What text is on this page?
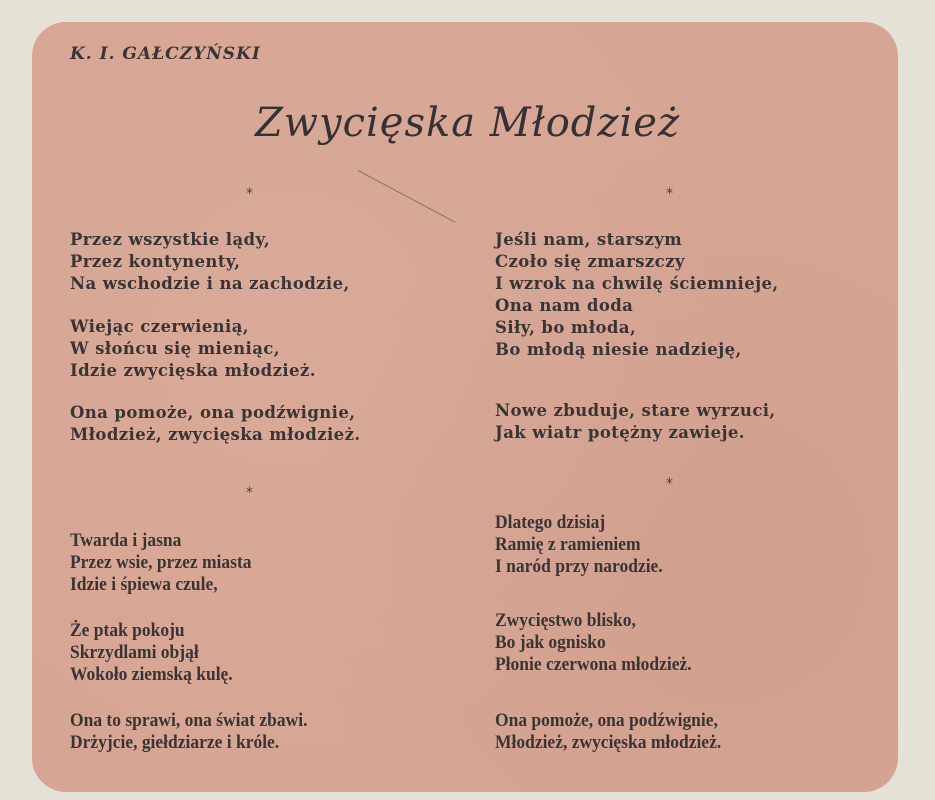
K. I. GAŁCZYŃSKI
Zwycięska Młodzież
*	*
*
*
Przez wszystkie lądy,
Przez kontynenty,
Na wschodzie i na zachodzie,
Wiejąc czerwienią,
W słońcu się mieniąc,
Idzie zwycięska młodzież.
Ona pomoże, ona podźwignie,
Młodzież, zwycięska młodzież.
Twarda i jasna
Przez wsie, przez miasta
Idzie i śpiewa czule,
Że ptak pokoju
Skrzydlami objął
Wokoło ziemską kulę.
Ona to sprawi, ona świat zbawi.
Drżyjcie, giełdziarze i króle.
Jeśli nam, starszym
Czoło się zmarszczy
I wzrok na chwilę ściemnieje,
Ona nam doda
Siły, bo młoda,
Bo młodą niesie nadzieję,
Nowe zbuduje, stare wyrzuci,
Jak wiatr potężny zawieje.
Dlatego dzisiaj
Ramię z ramieniem
I naród przy narodzie.
Zwycięstwo blisko,
Bo jak ognisko
Płonie czerwona młodzież.
Ona pomoże, ona podźwignie,
Młodzież, zwycięska młodzież.
